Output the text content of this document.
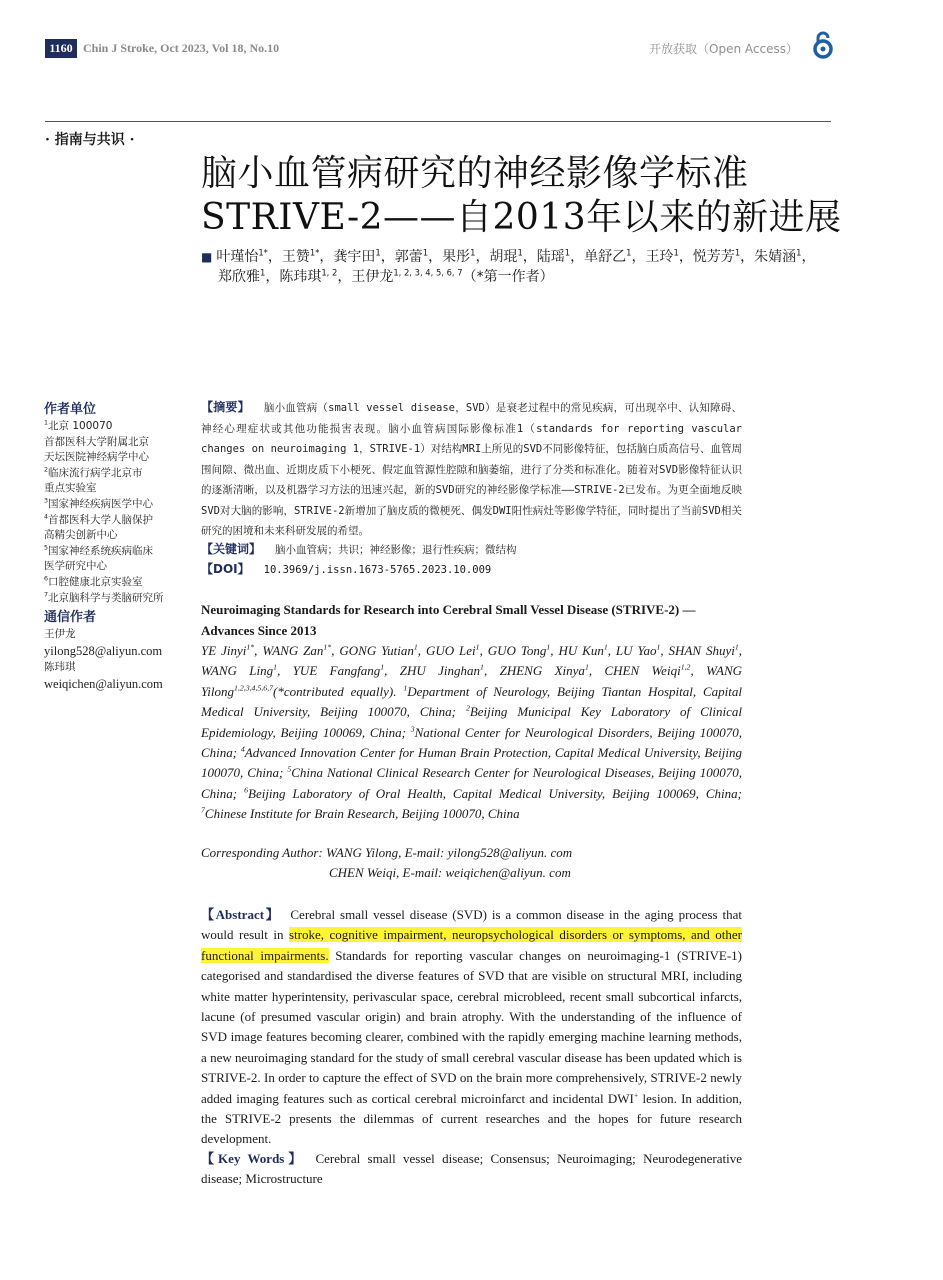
1160 Chin J Stroke, Oct 2023, Vol 18, No.10	开放获取（Open Access）
· 指南与共识 ·
脑小血管病研究的神经影像学标准
STRIVE-2——自2013年以来的新进展
■ 叶瑾怡$^{1*}$，王赞$^{1*}$，龚宇田$^1$，郭蕾$^1$，果彤$^1$，胡琨$^1$，陆瑶$^1$，单舒乙$^1$，王玲$^1$，悦芳芳$^1$，朱婧涵$^1$，
郑欣雅$^1$，陈玮琪$^{1, 2}$，王伊龙$^{1, 2, 3, 4, 5, 6, 7}$（*第一作者）
作者单位
$^1$北京 100070
首都医科大学附属北京
天坛医院神经病学中心
$^2$临床流行病学北京市
重点实验室
$^3$国家神经疾病医学中心
$^4$首都医科大学人脑保护
高精尖创新中心
$^5$国家神经系统疾病临床
医学研究中心
$^6$口腔健康北京实验室
$^7$北京脑科学与类脑研究所
通信作者
王伊龙
yilong528@aliyun.com
陈玮琪
weiqichen@aliyun.com
【摘要】 脑小血管病（small vessel disease，SVD）是衰老过程中的常见疾病，可出现卒中、认知障碍、神经心理症状或其他功能损害表现。脑小血管病国际影像标准1（standards for reporting vascular changes on neuroimaging 1，STRIVE-1）对结构MRI上所见的SVD不同影像特征，包括脑白质高信号、血管周围间隙、微出血、近期皮质下小梗死、假定血管源性腔隙和脑萎缩，进行了分类和标准化。随着对SVD影像特征认识的逐渐清晰，以及机器学习方法的迅速兴起，新的SVD研究的神经影像学标准——STRIVE-2已发布。为更全面地反映SVD对大脑的影响，STRIVE-2新增加了脑皮质的微梗死、偶发DWI阳性病灶等影像学特征，同时提出了当前SVD相关研究的困境和未来科研发展的希望。
【关键词】 脑小血管病；共识；神经影像；退行性疾病；微结构
【DOI】 10.3969/j.issn.1673-5765.2023.10.009
Neuroimaging Standards for Research into Cerebral Small Vessel Disease (STRIVE-2) — Advances Since 2013
YE Jinyi$^{1*}$, WANG Zan$^{1*}$, GONG Yutian$^1$, GUO Lei$^1$, GUO Tong$^1$, HU Kun$^1$, LU Yao$^1$, SHAN Shuyi$^1$, WANG Ling$^1$, YUE Fangfang$^1$, ZHU Jinghan$^1$, ZHENG Xinya$^1$, CHEN Weiqi$^{1,2}$, WANG Yilong$^{1,2,3,4,5,6,7}$(*contributed equally). $^1$Department of Neurology, Beijing Tiantan Hospital, Capital Medical University, Beijing 100070, China; $^2$Beijing Municipal Key Laboratory of Clinical Epidemiology, Beijing 100069, China; $^3$National Center for Neurological Disorders, Beijing 100070, China; $^4$Advanced Innovation Center for Human Brain Protection, Capital Medical University, Beijing 100070, China; $^5$China National Clinical Research Center for Neurological Diseases, Beijing 100070, China; $^6$Beijing Laboratory of Oral Health, Capital Medical University, Beijing 100069, China; $^7$Chinese Institute for Brain Research, Beijing 100070, China
Corresponding Author: WANG Yilong, E-mail: yilong528@aliyun. com
CHEN Weiqi, E-mail: weiqichen@aliyun. com
【Abstract】 Cerebral small vessel disease (SVD) is a common disease in the aging process that would result in stroke, cognitive impairment, neuropsychological disorders or symptoms, and other functional impairments. Standards for reporting vascular changes on neuroimaging-1 (STRIVE-1) categorised and standardised the diverse features of SVD that are visible on structural MRI, including white matter hyperintensity, perivascular space, cerebral microbleed, recent small subcortical infarcts, lacune (of presumed vascular origin) and brain atrophy. With the understanding of the influence of SVD image features becoming clearer, combined with the rapidly emerging machine learning methods, a new neuroimaging standard for the study of small cerebral vascular disease has been updated which is STRIVE-2. In order to capture the effect of SVD on the brain more comprehensively, STRIVE-2 newly added imaging features such as cortical cerebral microinfarct and incidental DWI+ lesion. In addition, the STRIVE-2 presents the dilemmas of current researches and the hopes for future research development.
【Key Words】 Cerebral small vessel disease; Consensus; Neuroimaging; Neurodegenerative disease; Microstructure
